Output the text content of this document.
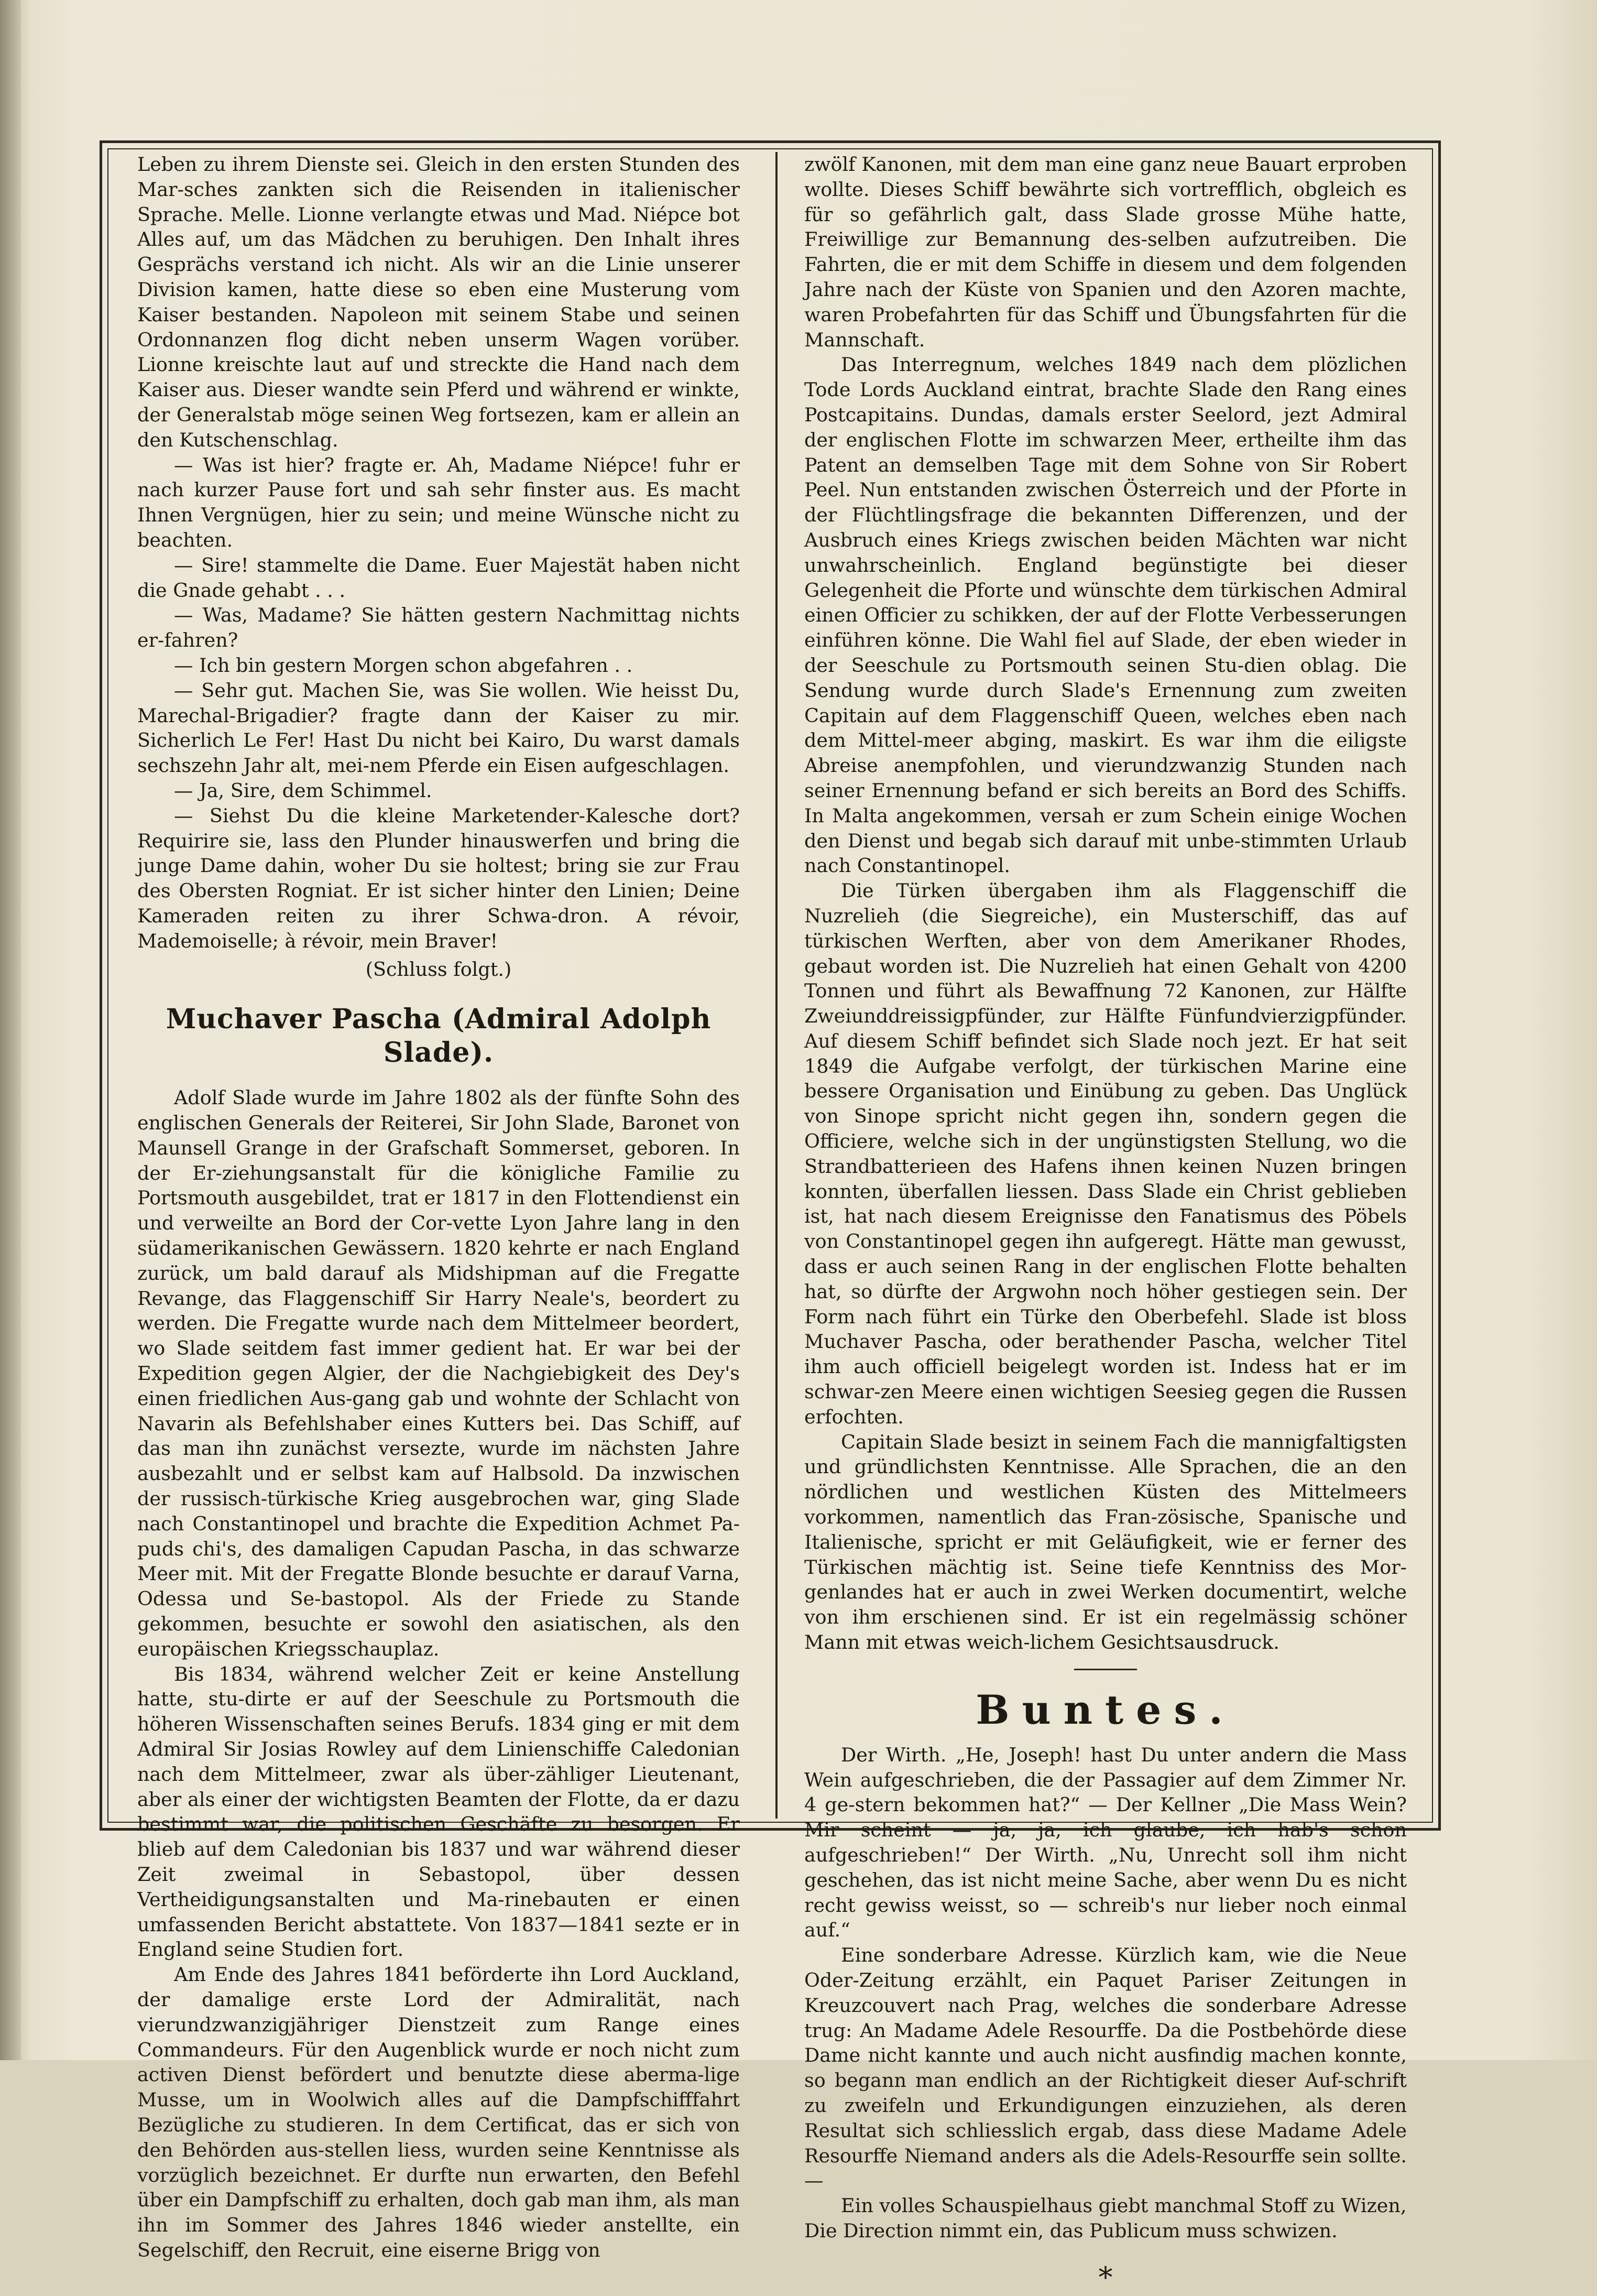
Leben zu ihrem Dienste sei. Gleich in den ersten Stunden des Mar-sches zankten sich die Reisenden in italienischer Sprache. Melle. Lionne verlangte etwas und Mad. Niépce bot Alles auf, um das Mädchen zu beruhigen. Den Inhalt ihres Gesprächs verstand ich nicht. Als wir an die Linie unserer Division kamen, hatte diese so eben eine Musterung vom Kaiser bestanden. Napoleon mit seinem Stabe und seinen Ordonnanzen flog dicht neben unserm Wagen vorüber. Lionne kreischte laut auf und streckte die Hand nach dem Kaiser aus. Dieser wandte sein Pferd und während er winkte, der Generalstab möge seinen Weg fortsezen, kam er allein an den Kutschenschlag.

— Was ist hier? fragte er. Ah, Madame Niépce! fuhr er nach kurzer Pause fort und sah sehr finster aus. Es macht Ihnen Vergnügen, hier zu sein; und meine Wünsche nicht zu beachten.

— Sire! stammelte die Dame. Euer Majestät haben nicht die Gnade gehabt . . .

— Was, Madame? Sie hätten gestern Nachmittag nichts er-fahren?

— Ich bin gestern Morgen schon abgefahren . .

— Sehr gut. Machen Sie, was Sie wollen. Wie heisst Du, Marechal-Brigadier? fragte dann der Kaiser zu mir. Sicherlich Le Fer! Hast Du nicht bei Kairo, Du warst damals sechszehn Jahr alt, mei-nem Pferde ein Eisen aufgeschlagen.

— Ja, Sire, dem Schimmel.

— Siehst Du die kleine Marketender-Kalesche dort? Requirire sie, lass den Plunder hinauswerfen und bring die junge Dame dahin, woher Du sie holtest; bring sie zur Frau des Obersten Rogniat. Er ist sicher hinter den Linien; Deine Kameraden reiten zu ihrer Schwa-dron. A révoir, Mademoiselle; à révoir, mein Braver!

(Schluss folgt.)

Muchaver Pascha (Admiral Adolph Slade).

Adolf Slade wurde im Jahre 1802 als der fünfte Sohn des englischen Generals der Reiterei, Sir John Slade, Baronet von Maunsell Grange in der Grafschaft Sommerset, geboren. In der Er-ziehungsanstalt für die königliche Familie zu Portsmouth ausgebildet, trat er 1817 in den Flottendienst ein und verweilte an Bord der Cor-vette Lyon Jahre lang in den südamerikanischen Gewässern. 1820 kehrte er nach England zurück, um bald darauf als Midshipman auf die Fregatte Revange, das Flaggenschiff Sir Harry Neale's, beordert zu werden. Die Fregatte wurde nach dem Mittelmeer beordert, wo Slade seitdem fast immer gedient hat. Er war bei der Expedition gegen Algier, der die Nachgiebigkeit des Dey's einen friedlichen Aus-gang gab und wohnte der Schlacht von Navarin als Befehlshaber eines Kutters bei. Das Schiff, auf das man ihn zunächst versezte, wurde im nächsten Jahre ausbezahlt und er selbst kam auf Halbsold. Da inzwischen der russisch-türkische Krieg ausgebrochen war, ging Slade nach Constantinopel und brachte die Expedition Achmet Pa-puds chi's, des damaligen Capudan Pascha, in das schwarze Meer mit. Mit der Fregatte Blonde besuchte er darauf Varna, Odessa und Se-bastopol. Als der Friede zu Stande gekommen, besuchte er sowohl den asiatischen, als den europäischen Kriegsschauplaz.

Bis 1834, während welcher Zeit er keine Anstellung hatte, stu-dirte er auf der Seeschule zu Portsmouth die höheren Wissenschaften seines Berufs. 1834 ging er mit dem Admiral Sir Josias Rowley auf dem Linienschiffe Caledonian nach dem Mittelmeer, zwar als über-zähliger Lieutenant, aber als einer der wichtigsten Beamten der Flotte, da er dazu bestimmt war, die politischen Geschäfte zu besorgen. Er blieb auf dem Caledonian bis 1837 und war während dieser Zeit zweimal in Sebastopol, über dessen Vertheidigungsanstalten und Ma-rinebauten er einen umfassenden Bericht abstattete. Von 1837—1841 sezte er in England seine Studien fort.

Am Ende des Jahres 1841 beförderte ihn Lord Auckland, der damalige erste Lord der Admiralität, nach vierundzwanzigjähriger Dienstzeit zum Range eines Commandeurs. Für den Augenblick wurde er noch nicht zum activen Dienst befördert und benutzte diese aberma-lige Musse, um in Woolwich alles auf die Dampfschifffahrt Bezügliche zu studieren. In dem Certificat, das er sich von den Behörden aus-stellen liess, wurden seine Kenntnisse als vorzüglich bezeichnet. Er durfte nun erwarten, den Befehl über ein Dampfschiff zu erhalten, doch gab man ihm, als man ihn im Sommer des Jahres 1846 wieder anstellte, ein Segelschiff, den Recruit, eine eiserne Brigg von

zwölf Kanonen, mit dem man eine ganz neue Bauart erproben wollte. Dieses Schiff bewährte sich vortrefflich, obgleich es für so gefährlich galt, dass Slade grosse Mühe hatte, Freiwillige zur Bemannung des-selben aufzutreiben. Die Fahrten, die er mit dem Schiffe in diesem und dem folgenden Jahre nach der Küste von Spanien und den Azoren machte, waren Probefahrten für das Schiff und Übungsfahrten für die Mannschaft.

Das Interregnum, welches 1849 nach dem plözlichen Tode Lords Auckland eintrat, brachte Slade den Rang eines Postcapitains. Dundas, damals erster Seelord, jezt Admiral der englischen Flotte im schwarzen Meer, ertheilte ihm das Patent an demselben Tage mit dem Sohne von Sir Robert Peel. Nun entstanden zwischen Österreich und der Pforte in der Flüchtlingsfrage die bekannten Differenzen, und der Ausbruch eines Kriegs zwischen beiden Mächten war nicht unwahrscheinlich. England begünstigte bei dieser Gelegenheit die Pforte und wünschte dem türkischen Admiral einen Officier zu schikken, der auf der Flotte Verbesserungen einführen könne. Die Wahl fiel auf Slade, der eben wieder in der Seeschule zu Portsmouth seinen Stu-dien oblag. Die Sendung wurde durch Slade's Ernennung zum zweiten Capitain auf dem Flaggenschiff Queen, welches eben nach dem Mittel-meer abging, maskirt. Es war ihm die eiligste Abreise anempfohlen, und vierundzwanzig Stunden nach seiner Ernennung befand er sich bereits an Bord des Schiffs. In Malta angekommen, versah er zum Schein einige Wochen den Dienst und begab sich darauf mit unbe-stimmten Urlaub nach Constantinopel.

Die Türken übergaben ihm als Flaggenschiff die Nuzrelieh (die Siegreiche), ein Musterschiff, das auf türkischen Werften, aber von dem Amerikaner Rhodes, gebaut worden ist. Die Nuzrelieh hat einen Gehalt von 4200 Tonnen und führt als Bewaffnung 72 Kanonen, zur Hälfte Zweiunddreissigpfünder, zur Hälfte Fünfundvierzigpfünder. Auf diesem Schiff befindet sich Slade noch jezt. Er hat seit 1849 die Aufgabe verfolgt, der türkischen Marine eine bessere Organisation und Einübung zu geben. Das Unglück von Sinope spricht nicht gegen ihn, sondern gegen die Officiere, welche sich in der ungünstigsten Stellung, wo die Strandbatterieen des Hafens ihnen keinen Nuzen bringen konnten, überfallen liessen. Dass Slade ein Christ geblieben ist, hat nach diesem Ereignisse den Fanatismus des Pöbels von Constantinopel gegen ihn aufgeregt. Hätte man gewusst, dass er auch seinen Rang in der englischen Flotte behalten hat, so dürfte der Argwohn noch höher gestiegen sein. Der Form nach führt ein Türke den Oberbefehl. Slade ist bloss Muchaver Pascha, oder berathender Pascha, welcher Titel ihm auch officiell beigelegt worden ist. Indess hat er im schwar-zen Meere einen wichtigen Seesieg gegen die Russen erfochten.

Capitain Slade besizt in seinem Fach die mannigfaltigsten und gründlichsten Kenntnisse. Alle Sprachen, die an den nördlichen und westlichen Küsten des Mittelmeers vorkommen, namentlich das Fran-zösische, Spanische und Italienische, spricht er mit Geläufigkeit, wie er ferner des Türkischen mächtig ist. Seine tiefe Kenntniss des Mor-genlandes hat er auch in zwei Werken documentirt, welche von ihm erschienen sind. Er ist ein regelmässig schöner Mann mit etwas weich-lichem Gesichtsausdruck.

Buntes.

Der Wirth. „He, Joseph! hast Du unter andern die Mass Wein aufgeschrieben, die der Passagier auf dem Zimmer Nr. 4 ge-stern bekommen hat?“ — Der Kellner „Die Mass Wein? Mir scheint — ja, ja, ich glaube, ich hab's schon aufgeschrieben!“ Der Wirth. „Nu, Unrecht soll ihm nicht geschehen, das ist nicht meine Sache, aber wenn Du es nicht recht gewiss weisst, so — schreib's nur lieber noch einmal auf.“

Eine sonderbare Adresse. Kürzlich kam, wie die Neue Oder-Zeitung erzählt, ein Paquet Pariser Zeitungen in Kreuzcouvert nach Prag, welches die sonderbare Adresse trug: An Madame Adele Resourffe. Da die Postbehörde diese Dame nicht kannte und auch nicht ausfindig machen konnte, so begann man endlich an der Richtigkeit dieser Auf-schrift zu zweifeln und Erkundigungen einzuziehen, als deren Resultat sich schliesslich ergab, dass diese Madame Adele Resourffe Niemand anders als die Adels-Resourffe sein sollte. —

Ein volles Schauspielhaus giebt manchmal Stoff zu Wizen,

Die Direction nimmt ein, das Publicum muss schwizen.

*
